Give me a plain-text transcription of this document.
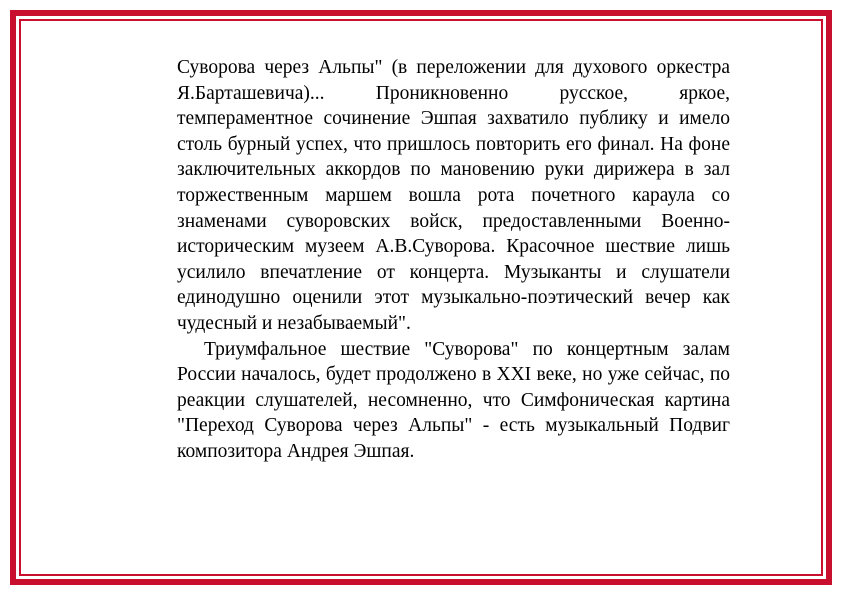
Суворова через Альпы" (в переложении для духового оркестра Я.Барташевича)... Проникновенно русское,	яркое, темпераментное сочинение Эшпая захватило публику и имело столь бурный успех, что пришлось повторить его финал. На фоне заключительных аккордов по мановению руки дирижера в зал торжественным маршем вошла рота почетного караула со знаменами суворовских войск, предоставленными Военно-историческим музеем А.В.Суворова. Красочное шествие лишь усилило впечатление от концерта. Музыканты и слушатели единодушно оценили этот музыкально-поэтический вечер как чудесный и незабываемый".

Триумфальное шествие "Суворова" по концертным залам России началось, будет продолжено в XXI веке, но уже сейчас, по реакции слушателей, несомненно, что Симфоническая картина "Переход Суворова через Альпы" - есть музыкальный Подвиг композитора Андрея Эшпая.
